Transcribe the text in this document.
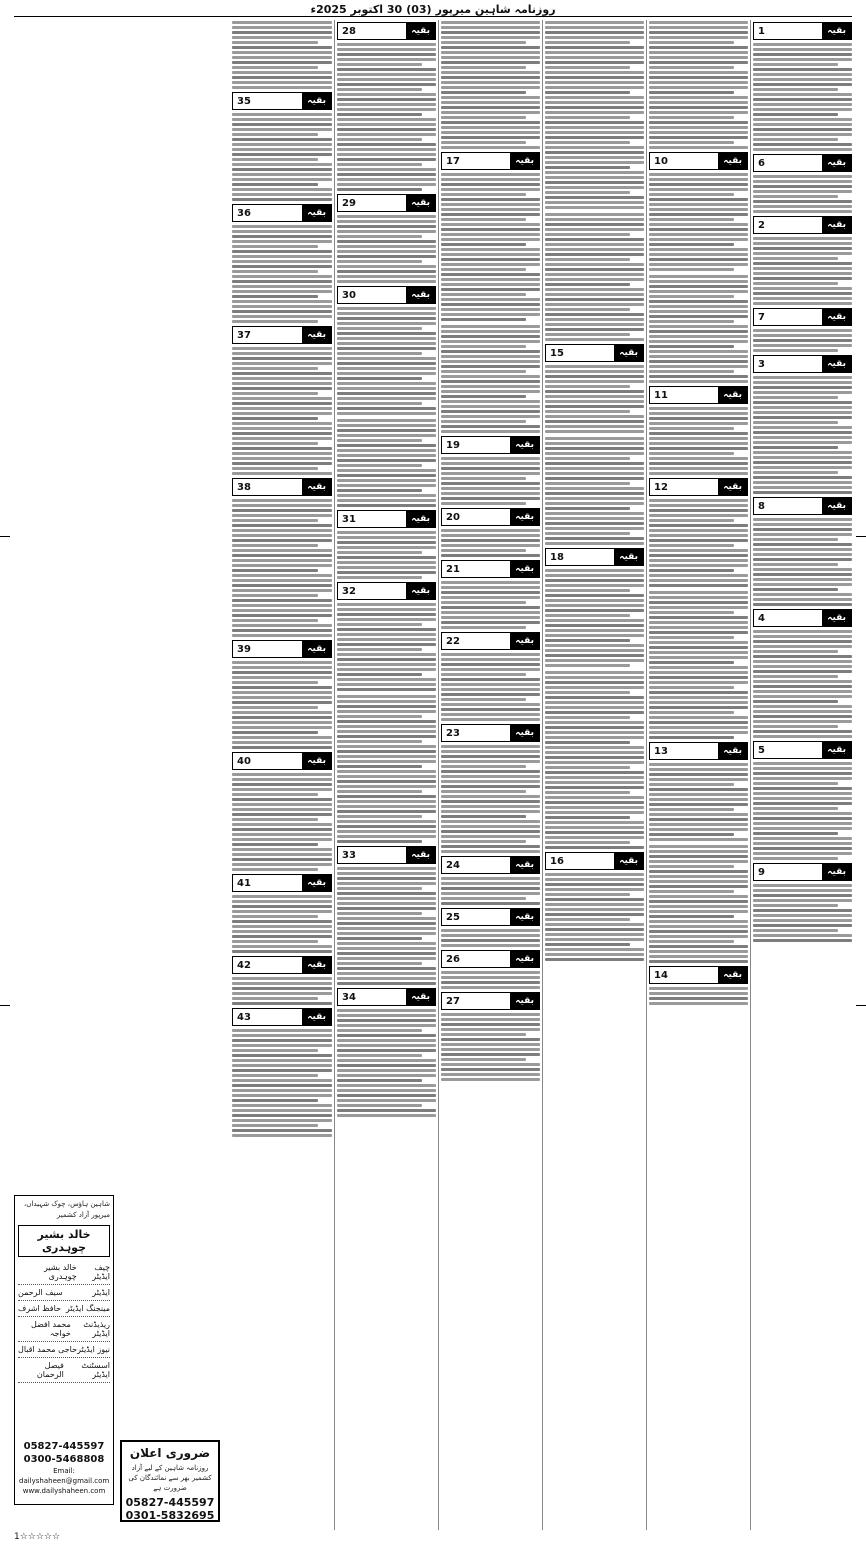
روزنامہ شاہین میرپور
(03)
30 اکتوبر 2025ء
بقیہ
1
بقیہ
6
بقیہ
2
بقیہ
7
بقیہ
3
بقیہ
8
بقیہ
4
بقیہ
5
بقیہ
9
بقیہ
10
بقیہ
11
بقیہ
12
بقیہ
13
بقیہ
14
بقیہ
15
بقیہ
18
بقیہ
16
بقیہ
17
بقیہ
19
بقیہ
20
بقیہ
21
بقیہ
22
بقیہ
23
بقیہ
24
بقیہ
25
بقیہ
26
بقیہ
27
بقیہ
28
بقیہ
29
بقیہ
30
بقیہ
31
بقیہ
32
بقیہ
33
بقیہ
34
بقیہ
35
بقیہ
36
بقیہ
37
بقیہ
38
بقیہ
39
بقیہ
40
بقیہ
41
بقیہ
42
بقیہ
43
شاہین ہاؤس، چوک شہیداں، میرپور آزاد کشمیر
خالد بشیر چوہدری
چیف ایڈیٹر
خالد بشیر چوہدری
ایڈیٹر
سیف الرحمن
مینجنگ ایڈیٹر
حافظ اشرف
ریذیڈنٹ ایڈیٹر
محمد افضل خواجہ
نیوز ایڈیٹر
حاجی محمد اقبال
اسسٹنٹ ایڈیٹر
فیصل الرحمان
05827-445597
0300-5468808
Email: dailyshaheen@gmail.com
www.dailyshaheen.com
ضروری اعلان
روزنامہ شاہین کے لیے آزاد کشمیر بھر سے نمائندگان کی ضرورت ہے
05827-445597
0301-5832695
1☆☆☆☆☆
